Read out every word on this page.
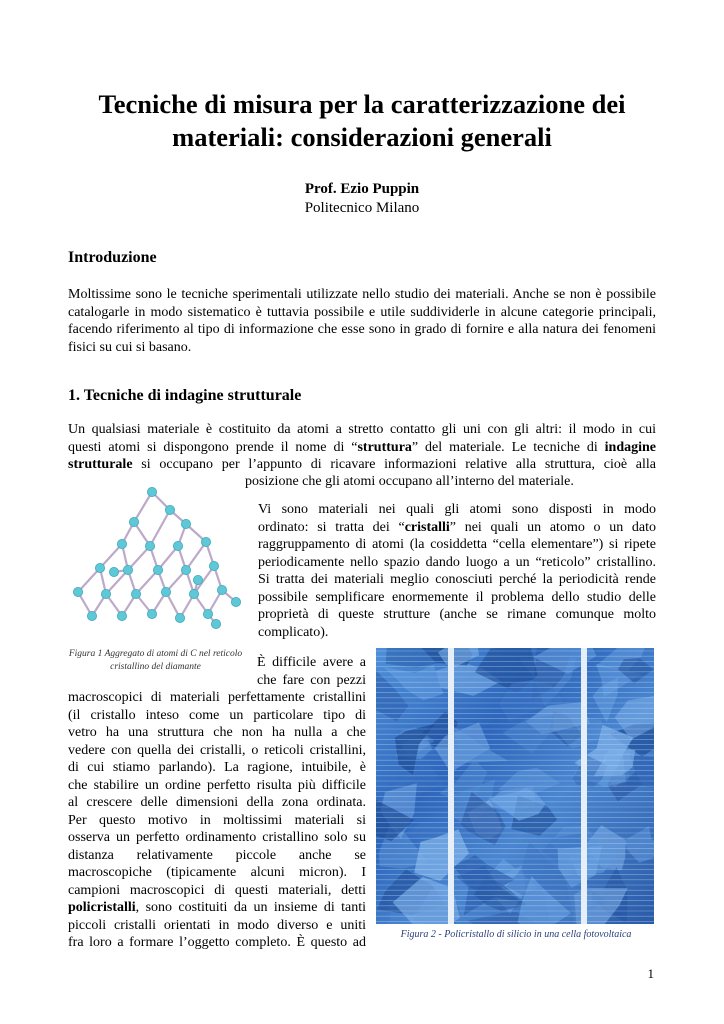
Tecniche di misura per la caratterizzazione dei materiali: considerazioni generali

Prof. Ezio Puppin

Politecnico Milano

Introduzione

Moltissime sono le tecniche sperimentali utilizzate nello studio dei materiali. Anche se non è possibile catalogarle in modo sistematico è tuttavia possibile e utile suddividerle in alcune categorie principali, facendo riferimento al tipo di informazione che esse sono in grado di fornire e alla natura dei fenomeni fisici su cui si basano.

1. Tecniche di indagine strutturale

Un qualsiasi materiale è costituito da atomi a stretto contatto gli uni con gli altri: il modo in cui

questi atomi si dispongono prende il nome di “struttura” del materiale. Le tecniche di indagine

strutturale si occupano per l’appunto di ricavare informazioni relative alla struttura, cioè alla

posizione che gli atomi occupano all’interno del materiale.

Figura 1 Aggregato di atomi di C nel reticolo cristallino del diamante

Vi sono materiali nei quali gli atomi sono disposti in modo

ordinato: si tratta dei “cristalli” nei quali un atomo o un dato

raggruppamento di atomi (la cosiddetta “cella elementare”) si ripete

periodicamente nello spazio dando luogo a un “reticolo” cristallino.

Si tratta dei materiali meglio conosciuti perché la periodicità rende

possibile semplificare enormemente il problema dello studio delle

proprietà di queste strutture (anche se rimane comunque molto

complicato).

È difficile avere a

che fare con pezzi

macroscopici di materiali perfettamente cristallini

(il cristallo inteso come un particolare tipo di

vetro ha una struttura che non ha nulla a che

vedere con quella dei cristalli, o reticoli cristallini,

di cui stiamo parlando). La ragione, intuibile, è

che stabilire un ordine perfetto risulta più difficile

al crescere delle dimensioni della zona ordinata.

Per questo motivo in moltissimi materiali si

osserva un perfetto ordinamento cristallino solo su

distanza relativamente piccole anche se

macroscopiche (tipicamente alcuni micron). I

campioni macroscopici di questi materiali, detti

policristalli, sono costituiti da un insieme di tanti

piccoli cristalli orientati in modo diverso e uniti

fra loro a formare l’oggetto completo. È questo ad

Figura 2 - Policristallo di silicio in una cella fotovoltaica

1
